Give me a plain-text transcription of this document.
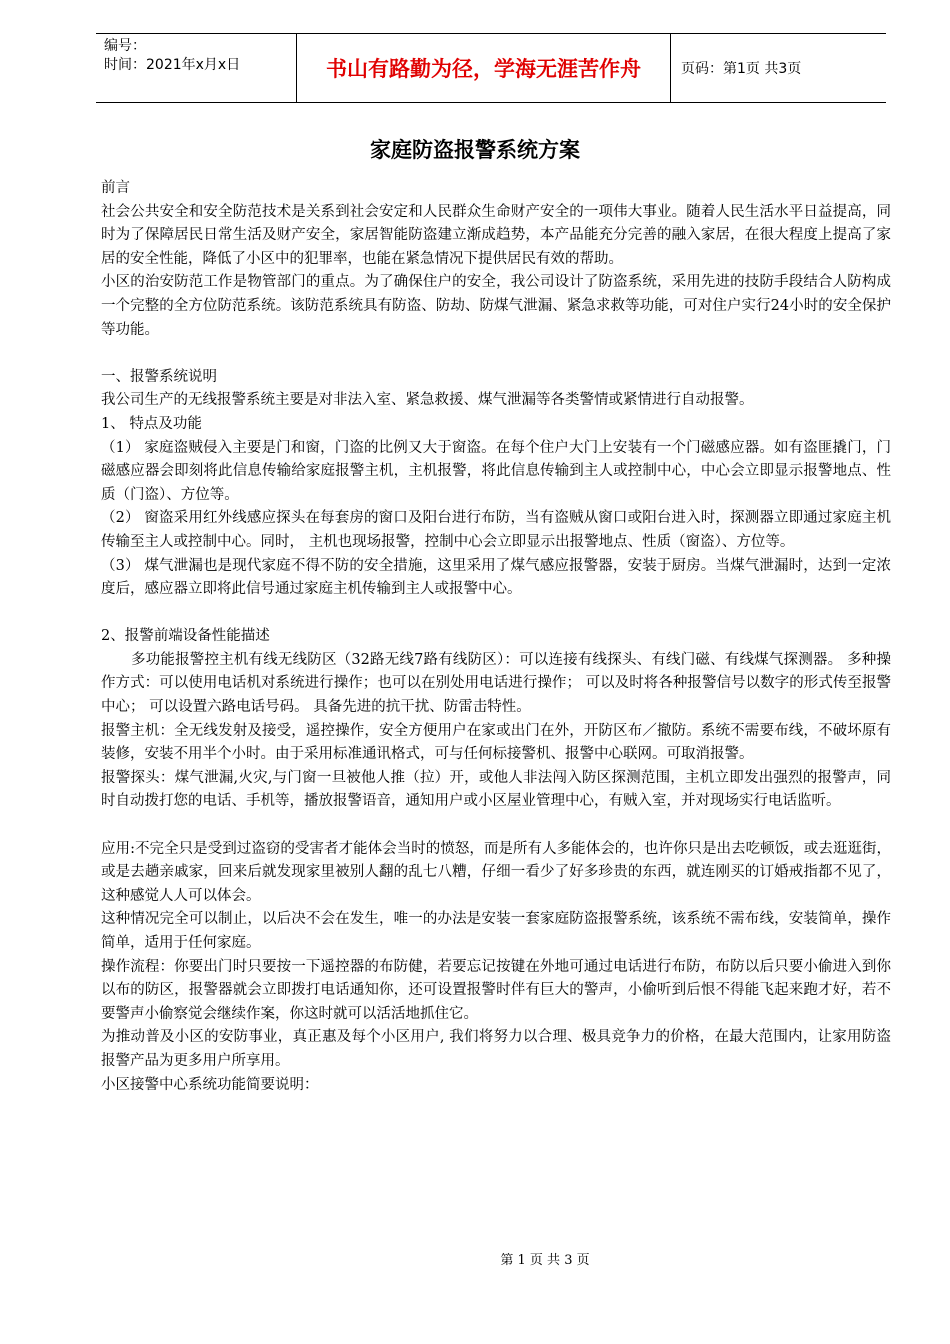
编号：
时间：2021年x月x日	书山有路勤为径，学海无涯苦作舟	页码：第1页 共3页
家庭防盗报警系统方案

前言

社会公共安全和安全防范技术是关系到社会安定和人民群众生命财产安全的一项伟大事业。随着人民生活水平日益提高，同时为了保障居民日常生活及财产安全，家居智能防盗建立渐成趋势，本产品能充分完善的融入家居，在很大程度上提高了家居的安全性能，降低了小区中的犯罪率，也能在紧急情况下提供居民有效的帮助。

小区的治安防范工作是物管部门的重点。为了确保住户的安全，我公司设计了防盗系统，采用先进的技防手段结合人防构成一个完整的全方位防范系统。该防范系统具有防盗、防劫、防煤气泄漏、紧急求救等功能，可对住户实行24小时的安全保护等功能。

一、报警系统说明

我公司生产的无线报警系统主要是对非法入室、紧急救援、煤气泄漏等各类警情或紧情进行自动报警。

1、 特点及功能

（1） 家庭盗贼侵入主要是门和窗，门盗的比例又大于窗盗。在每个住户大门上安装有一个门磁感应器。如有盗匪撬门，门磁感应器会即刻将此信息传输给家庭报警主机，主机报警，将此信息传输到主人或控制中心，中心会立即显示报警地点、性质（门盗）、方位等。

（2） 窗盗采用红外线感应探头在每套房的窗口及阳台进行布防，当有盗贼从窗口或阳台进入时，探测器立即通过家庭主机传输至主人或控制中心。同时， 主机也现场报警，控制中心会立即显示出报警地点、性质（窗盗）、方位等。

（3） 煤气泄漏也是现代家庭不得不防的安全措施，这里采用了煤气感应报警器，安装于厨房。当煤气泄漏时，达到一定浓度后，感应器立即将此信号通过家庭主机传输到主人或报警中心。

2、报警前端设备性能描述

多功能报警控主机有线无线防区（32路无线7路有线防区）：可以连接有线探头、有线门磁、有线煤气探测器。 多种操作方式：可以使用电话机对系统进行操作；也可以在别处用电话进行操作； 可以及时将各种报警信号以数字的形式传至报警中心； 可以设置六路电话号码。 具备先进的抗干扰、防雷击特性。

报警主机：全无线发射及接受，遥控操作，安全方便用户在家或出门在外，开防区布／撤防。系统不需要布线，不破坏原有装修，安装不用半个小时。由于采用标准通讯格式，可与任何标接警机、报警中心联网。可取消报警。

报警探头：煤气泄漏,火灾,与门窗一旦被他人推（拉）开，或他人非法闯入防区探测范围，主机立即发出强烈的报警声，同时自动拨打您的电话、手机等，播放报警语音，通知用户或小区屋业管理中心，有贼入室，并对现场实行电话监听。

应用:不完全只是受到过盗窃的受害者才能体会当时的愤怒，而是所有人多能体会的，也许你只是出去吃顿饭，或去逛逛街，或是去趟亲戚家，回来后就发现家里被别人翻的乱七八糟，仔细一看少了好多珍贵的东西，就连刚买的订婚戒指都不见了，这种感觉人人可以体会。

这种情况完全可以制止，以后决不会在发生，唯一的办法是安装一套家庭防盗报警系统，该系统不需布线，安装简单，操作简单，适用于任何家庭。

操作流程：你要出门时只要按一下遥控器的布防健，若要忘记按键在外地可通过电话进行布防，布防以后只要小偷进入到你以布的防区，报警器就会立即拨打电话通知你，还可设置报警时伴有巨大的警声，小偷听到后恨不得能飞起来跑才好，若不要警声小偷察觉会继续作案，你这时就可以活活地抓住它。

为推动普及小区的安防事业，真正惠及每个小区用户, 我们将努力以合理、极具竞争力的价格，在最大范围内，让家用防盗报警产品为更多用户所享用。

小区接警中心系统功能简要说明：

第 1 页 共 3 页
